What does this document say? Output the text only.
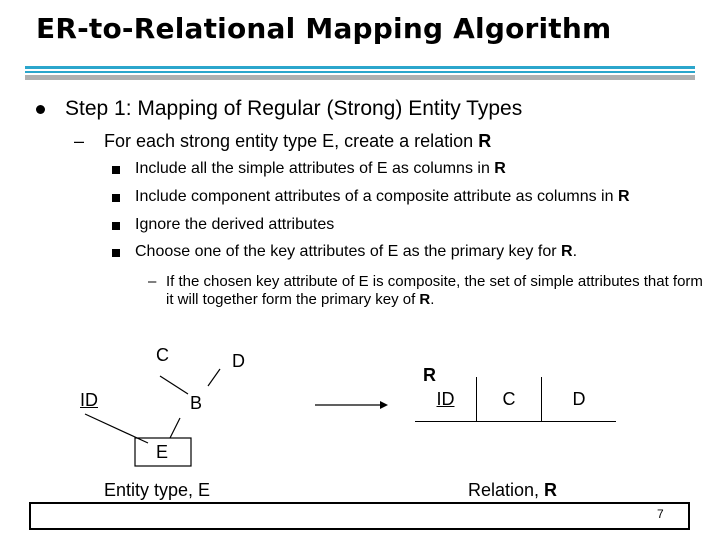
ER-to-Relational Mapping Algorithm
Step 1: Mapping of Regular (Strong) Entity Types
– For each strong entity type E, create a relation R
Include all the simple attributes of E as columns in R
Include component attributes of a composite attribute as columns in R
Ignore the derived attributes
Choose one of the key attributes of E as the primary key for R.
– If the chosen key attribute of E is composite, the set of simple attributes that form it will together form the primary key of R.
C	D
ID	B
E
Entity type, E
R
ID	C	D
Relation, R
7
